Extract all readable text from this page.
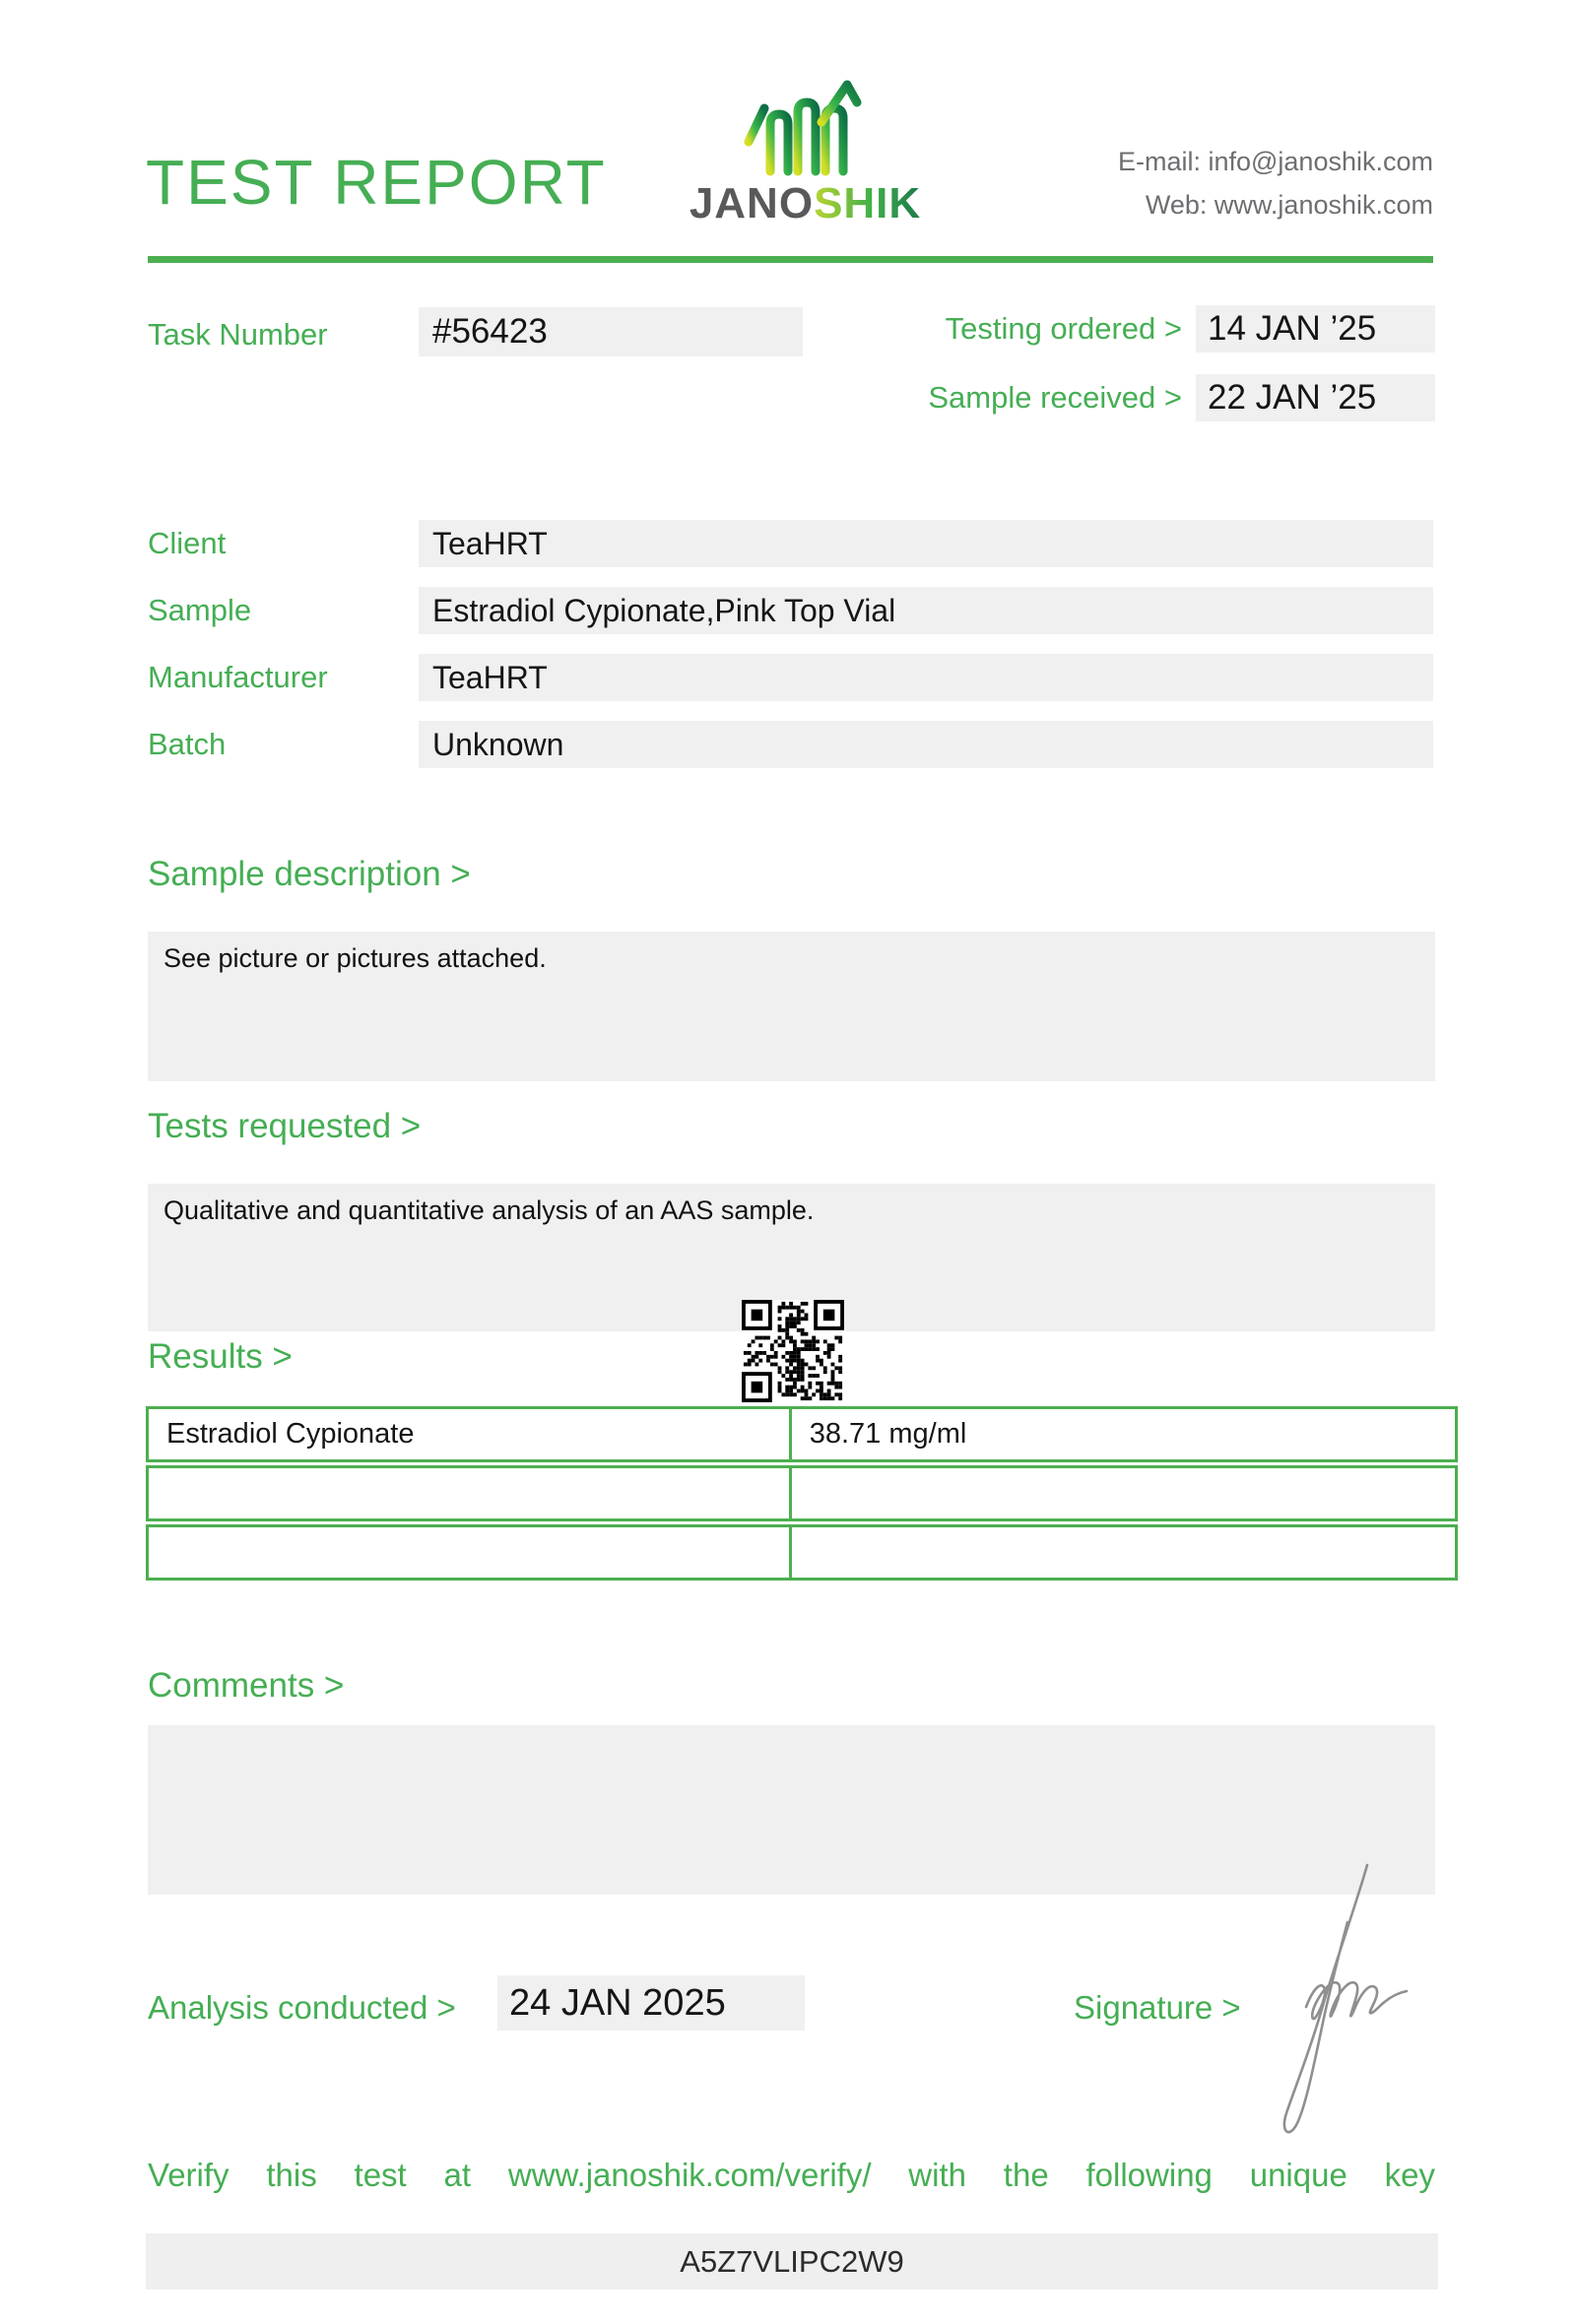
TEST REPORT JANOSHIK
E-mail: info@janoshik.com
Web: www.janoshik.com
Task Number	#56423	Testing ordered > 14 JAN ’25
Sample received > 22 JAN ’25
Client	TeaHRT
Sample	Estradiol Cypionate,Pink Top Vial
Manufacturer	TeaHRT
Batch	Unknown
Sample description >
See picture or pictures attached.
Tests requested >
Qualitative and quantitative analysis of an AAS sample.
Results >
Estradiol Cypionate	38.71 mg/ml
Comments >
Analysis conducted >	24 JAN 2025	Signature >
Verify this test at www.janoshik.com/verify/ with the following unique key
A5Z7VLIPC2W9
